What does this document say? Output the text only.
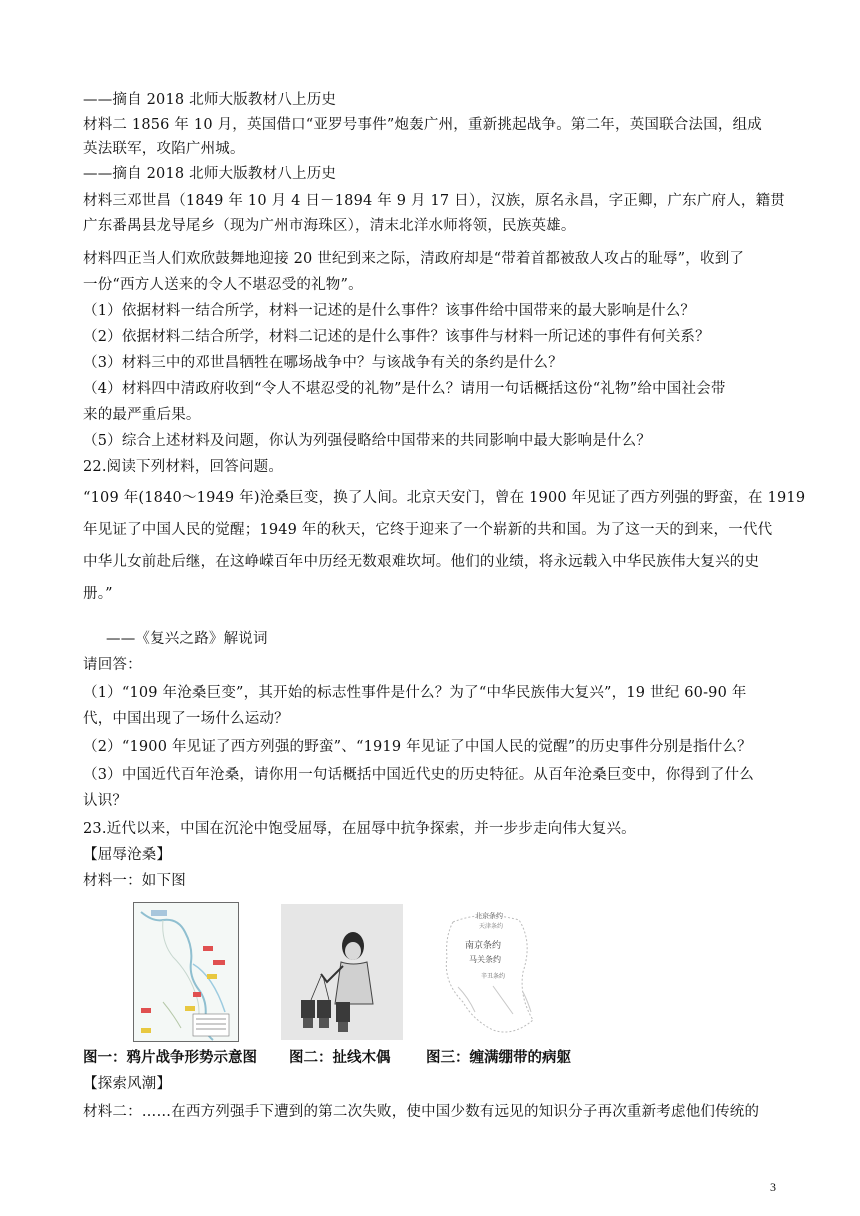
——摘自 2018 北师大版教材八上历史
材料二 1856 年 10 月，英国借口“亚罗号事件”炮轰广州，重新挑起战争。第二年，英国联合法国，组成
英法联军，攻陷广州城。
——摘自 2018 北师大版教材八上历史
材料三邓世昌（1849 年 10 月 4 日－1894 年 9 月 17 日），汉族，原名永昌，字正卿，广东广府人，籍贯
广东番禺县龙导尾乡（现为广州市海珠区），清末北洋水师将领，民族英雄。
材料四正当人们欢欣鼓舞地迎接 20 世纪到来之际，清政府却是“带着首都被敌人攻占的耻辱”，收到了
一份“西方人送来的令人不堪忍受的礼物”。
（1）依据材料一结合所学，材料一记述的是什么事件？该事件给中国带来的最大影响是什么？
（2）依据材料二结合所学，材料二记述的是什么事件？该事件与材料一所记述的事件有何关系？
（3）材料三中的邓世昌牺牲在哪场战争中？与该战争有关的条约是什么？
（4）材料四中清政府收到“令人不堪忍受的礼物”是什么？请用一句话概括这份“礼物”给中国社会带
来的最严重后果。
（5）综合上述材料及问题，你认为列强侵略给中国带来的共同影响中最大影响是什么？
22.阅读下列材料，回答问题。
“109 年(1840～1949 年)沧桑巨变，换了人间。北京天安门，曾在 1900 年见证了西方列强的野蛮，在 1919
年见证了中国人民的觉醒；1949 年的秋天，它终于迎来了一个崭新的共和国。为了这一天的到来，一代代
中华儿女前赴后继，在这峥嵘百年中历经无数艰难坎坷。他们的业绩，将永远载入中华民族伟大复兴的史
册。”
——《复兴之路》解说词
请回答：
（1）“109 年沧桑巨变”，其开始的标志性事件是什么？为了“中华民族伟大复兴”，19 世纪 60-90 年
代，中国出现了一场什么运动？
（2）“1900 年见证了西方列强的野蛮”、“1919 年见证了中国人民的觉醒”的历史事件分别是指什么？
（3）中国近代百年沧桑，请你用一句话概括中国近代史的历史特征。从百年沧桑巨变中，你得到了什么
认识？
23.近代以来，中国在沉沦中饱受屈辱，在屈辱中抗争探索，并一步步走向伟大复兴。
【屈辱沧桑】
材料一：如下图
北京条约
天津条约
南京条约
马关条约
辛丑条约
图一：鸦片战争形势示意图 图二：扯线木偶 图三：缠满绷带的病躯
【探索风潮】
材料二：……在西方列强手下遭到的第二次失败，使中国少数有远见的知识分子再次重新考虑他们传统的
3
